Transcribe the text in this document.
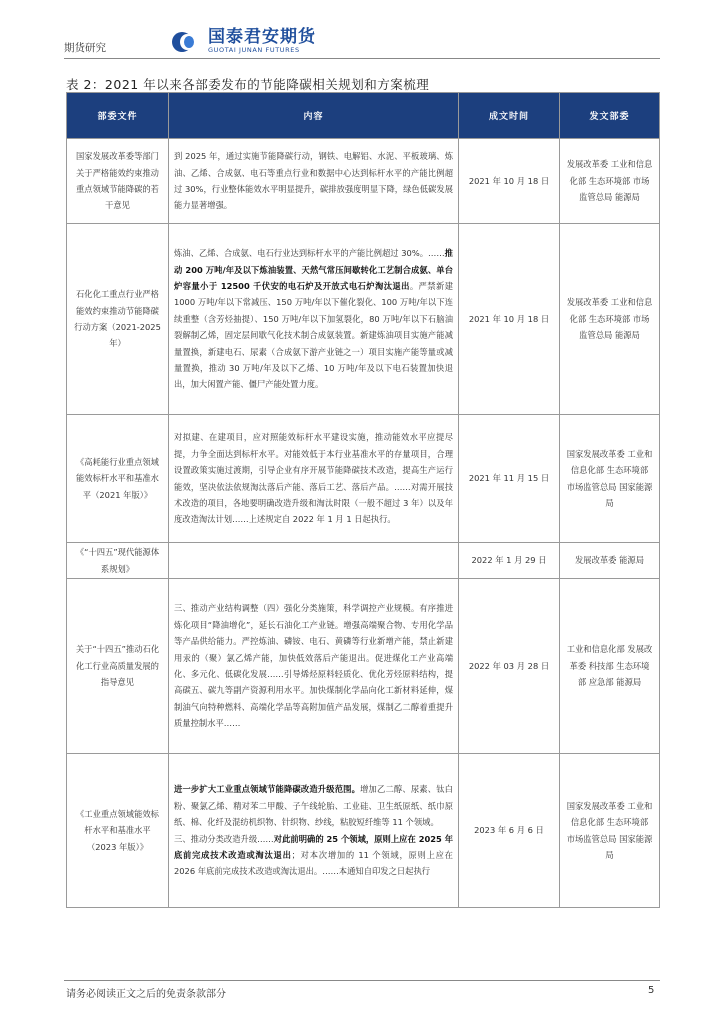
期货研究
国泰君安期货
GUOTAI JUNAN FUTURES
表 2：2021 年以来各部委发布的节能降碳相关规划和方案梳理
部委文件	内容	成文时间	发文部委
国家发展改革委等部门关于严格能效约束推动重点领域节能降碳的若干意见	到 2025 年，通过实施节能降碳行动，钢铁、电解铝、水泥、平板玻璃、炼油、乙烯、合成氨、电石等重点行业和数据中心达到标杆水平的产能比例超过 30%，行业整体能效水平明显提升，碳排放强度明显下降，绿色低碳发展能力显著增强。	2021 年 10 月 18 日	发展改革委 工业和信息化部 生态环境部 市场监管总局 能源局
石化化工重点行业严格能效约束推动节能降碳行动方案（2021-2025 年）	炼油、乙烯、合成氨、电石行业达到标杆水平的产能比例超过 30%。……推动 200 万吨/年及以下炼油装置、天然气常压间歇转化工艺制合成氨、单台炉容量小于 12500 千伏安的电石炉及开放式电石炉淘汰退出。严禁新建 1000 万吨/年以下常减压、150 万吨/年以下催化裂化、100 万吨/年以下连续重整（含芳烃抽提）、150 万吨/年以下加氢裂化，80 万吨/年以下石脑油裂解制乙烯，固定层间歇气化技术制合成氨装置。新建炼油项目实施产能减量置换，新建电石、尿素（合成氨下游产业链之一）项目实施产能等量或减量置换，推动 30 万吨/年及以下乙烯、10 万吨/年及以下电石装置加快退出，加大闲置产能、僵尸产能处置力度。	2021 年 10 月 18 日	发展改革委 工业和信息化部 生态环境部 市场监管总局 能源局
《高耗能行业重点领域能效标杆水平和基准水平（2021 年版）》	对拟建、在建项目，应对照能效标杆水平建设实施，推动能效水平应提尽提，力争全面达到标杆水平。对能效低于本行业基准水平的存量项目，合理设置政策实施过渡期，引导企业有序开展节能降碳技术改造，提高生产运行能效，坚决依法依规淘汰落后产能、落后工艺、落后产品。……对需开展技术改造的项目，各地要明确改造升级和淘汰时限（一般不超过 3 年）以及年度改造淘汰计划……上述规定自 2022 年 1 月 1 日起执行。	2021 年 11 月 15 日	国家发展改革委 工业和信息化部 生态环境部 市场监管总局 国家能源局
《“十四五”现代能源体系规划》		2022 年 1 月 29 日	发展改革委 能源局
关于“十四五”推动石化化工行业高质量发展的指导意见	三、推动产业结构调整（四）强化分类施策，科学调控产业规模。有序推进炼化项目“降油增化”，延长石油化工产业链。增强高端聚合物、专用化学品等产品供给能力。严控炼油、磷铵、电石、黄磷等行业新增产能，禁止新建用汞的（聚）氯乙烯产能，加快低效落后产能退出。促进煤化工产业高端化、多元化、低碳化发展……引导烯烃原料轻质化、优化芳烃原料结构，提高碳五、碳九等副产资源利用水平。加快煤制化学品向化工新材料延伸，煤制油气向特种燃料、高端化学品等高附加值产品发展，煤制乙二醇着重提升质量控制水平……	2022 年 03 月 28 日	工业和信息化部 发展改革委 科技部 生态环境部 应急部 能源局
《工业重点领域能效标杆水平和基准水平（2023 年版）》	进一步扩大工业重点领域节能降碳改造升级范围。增加乙二醇、尿素、钛白粉、聚氯乙烯、精对苯二甲酸、子午线轮胎、工业硅、卫生纸原纸、纸巾原纸、棉、化纤及混纺机织物、针织物、纱线，粘胶短纤维等 11 个领域。
三、推动分类改造升级……对此前明确的 25 个领域，原则上应在 2025 年底前完成技术改造或淘汰退出；对本次增加的 11 个领域，原则上应在 2026 年底前完成技术改造或淘汰退出。……本通知自印发之日起执行	2023 年 6 月 6 日	国家发展改革委 工业和信息化部 生态环境部 市场监管总局 国家能源局
请务必阅读正文之后的免责条款部分	5
